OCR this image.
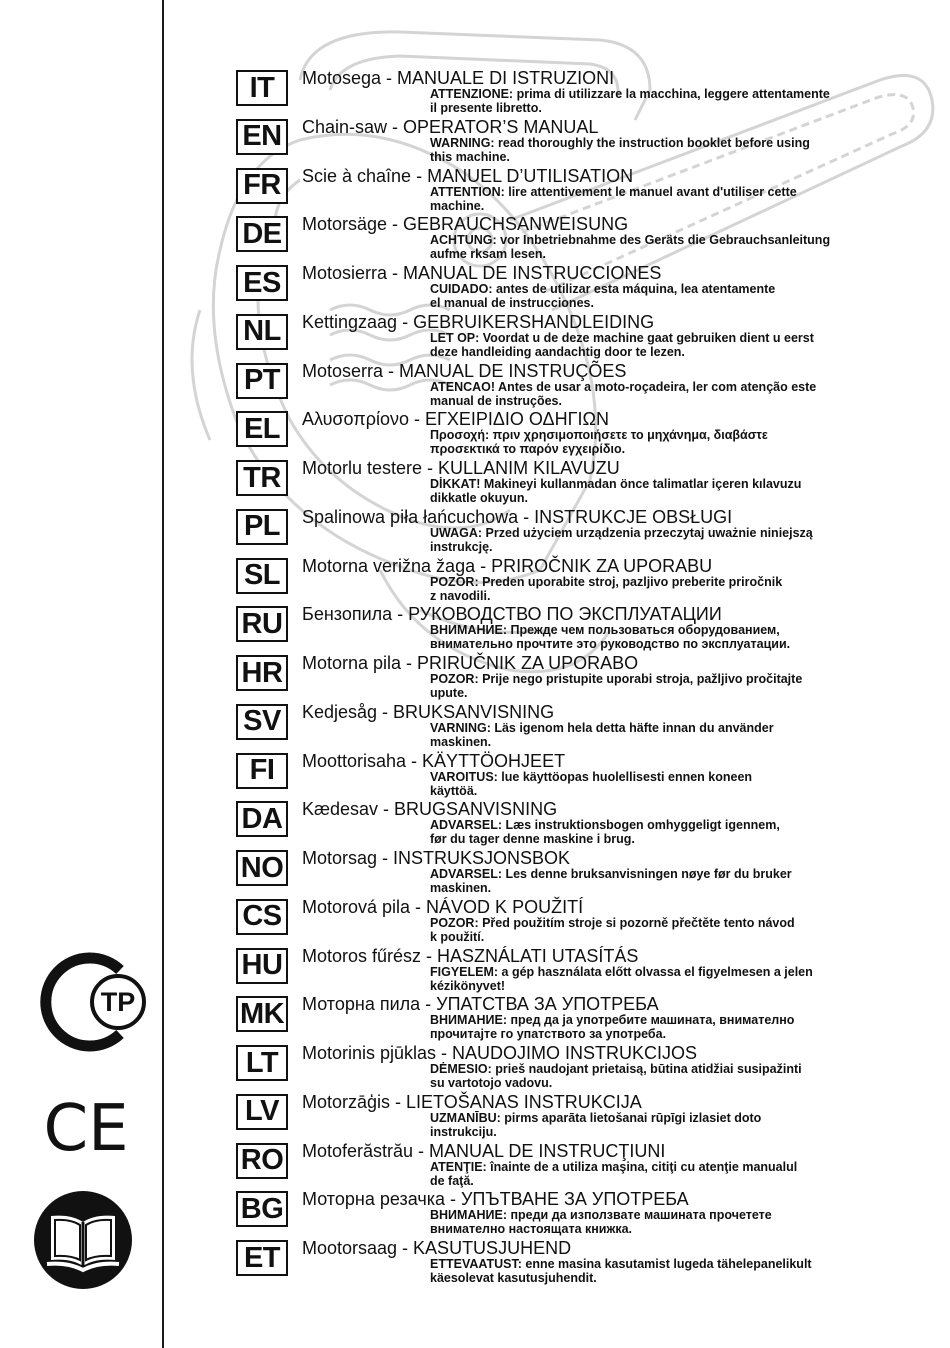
IT	Motosega - MANUALE DI ISTRUZIONI
ATTENZIONE: prima di utilizzare la macchina, leggere attentamente
il presente libretto.
EN	Chain-saw - OPERATOR’S MANUAL
WARNING: read thoroughly the instruction booklet before using
this machine.
FR	Scie à chaîne - MANUEL D’UTILISATION
ATTENTION: lire attentivement le manuel avant d'utiliser cette
machine.
DE	Motorsäge - GEBRAUCHSANWEISUNG
ACHTUNG: vor Inbetriebnahme des Geräts die Gebrauchsanleitung
aufme rksam lesen.
ES	Motosierra - MANUAL DE INSTRUCCIONES
CUIDADO: antes de utilizar esta máquina, lea atentamente
el manual de instrucciones.
NL	Kettingzaag - GEBRUIKERSHANDLEIDING
LET OP: Voordat u de deze machine gaat gebruiken dient u eerst
deze handleiding aandachtig door te lezen.
PT	Motoserra - MANUAL DE INSTRUÇÕES
ATENCAO! Antes de usar a moto-roçadeira, ler com atenção este
manual de instruções.
EL	Αλυσοπρίονο - ΕΓΧΕΙΡΙΔΙΟ ΟΔΗΓΙΩΝ
Προσοχή: πριν χρησιμοποιήσετε το μηχάνημα, διαβάστε
προσεκτικά το παρόν εγχειρίδιο.
TR	Motorlu testere - KULLANIM KILAVUZU
DİKKAT! Makineyi kullanmadan önce talimatlar içeren kılavuzu
dikkatle okuyun.
PL	Spalinowa piła łańcuchowa - INSTRUKCJE OBSŁUGI
UWAGA: Przed użyciem urządzenia przeczytaj uważnie niniejszą
instrukcję.
SL	Motorna verižna žaga - PRIROČNIK ZA UPORABU
POZOR: Preden uporabite stroj, pazljivo preberite priročnik
z navodili.
RU	Бензопила - РУКОВОДСТВО ПО ЭКСПЛУАТАЦИИ
ВНИМАНИЕ: Прежде чем пользоваться оборудованием,
внимательно прочтите это руководство по эксплуатации.
HR	Motorna pila - PRIRUČNIK ZA UPORABO
POZOR: Prije nego pristupite uporabi stroja, pažljivo pročitajte
upute.
SV	Kedjesåg - BRUKSANVISNING
VARNING: Läs igenom hela detta häfte innan du använder
maskinen.
FI	Moottorisaha - KÄYTTÖOHJEET
VAROITUS: lue käyttöopas huolellisesti ennen koneen
käyttöä.
DA	Kædesav - BRUGSANVISNING
ADVARSEL: Læs instruktionsbogen omhyggeligt igennem,
før du tager denne maskine i brug.
NO Motorsag - INSTRUKSJONSBOK
ADVARSEL: Les denne bruksanvisningen nøye før du bruker
maskinen.
CS	Motorová pila - NÁVOD K POUŽITÍ
POZOR: Před použitím stroje si pozorně přečtěte tento návod
k použití.
HU	Motoros fűrész - HASZNÁLATI UTASÍTÁS
FIGYELEM: a gép használata előtt olvassa el figyelmesen a jelen
kézikönyvet!
MK Моторна пила - УПАТСТВА ЗА УПОТРЕБА
ВНИМАНИЕ: пред да ја употребите машината, внимателно
прочитајте го упатството за употреба.
LT	Motorinis pjūklas - NAUDOJIMO INSTRUKCIJOS
DĖMESIO: prieš naudojant prietaisą, būtina atidžiai susipažinti
su vartotojo vadovu.
LV	Motorzāģis - LIETOŠANAS INSTRUKCIJA
UZMANĪBU: pirms aparāta lietošanai rūpīgi izlasiet doto
instrukciju.
RO Motoferăstrău - MANUAL DE INSTRUCŢIUNI
ATENŢIE: înainte de a utiliza maşina, citiţi cu atenţie manualul
de faţă.
BG Моторна резачка - УПЪТВАНЕ ЗА УПОТРЕБА
ВНИМАНИЕ: преди да използвате машината прочетете
внимателно настоящата книжка.
ET	Mootorsaag - KASUTUSJUHEND
ETTEVAATUST: enne masina kasutamist lugeda tähelepanelikult
käesolevat kasutusjuhendit.
TP
CE
